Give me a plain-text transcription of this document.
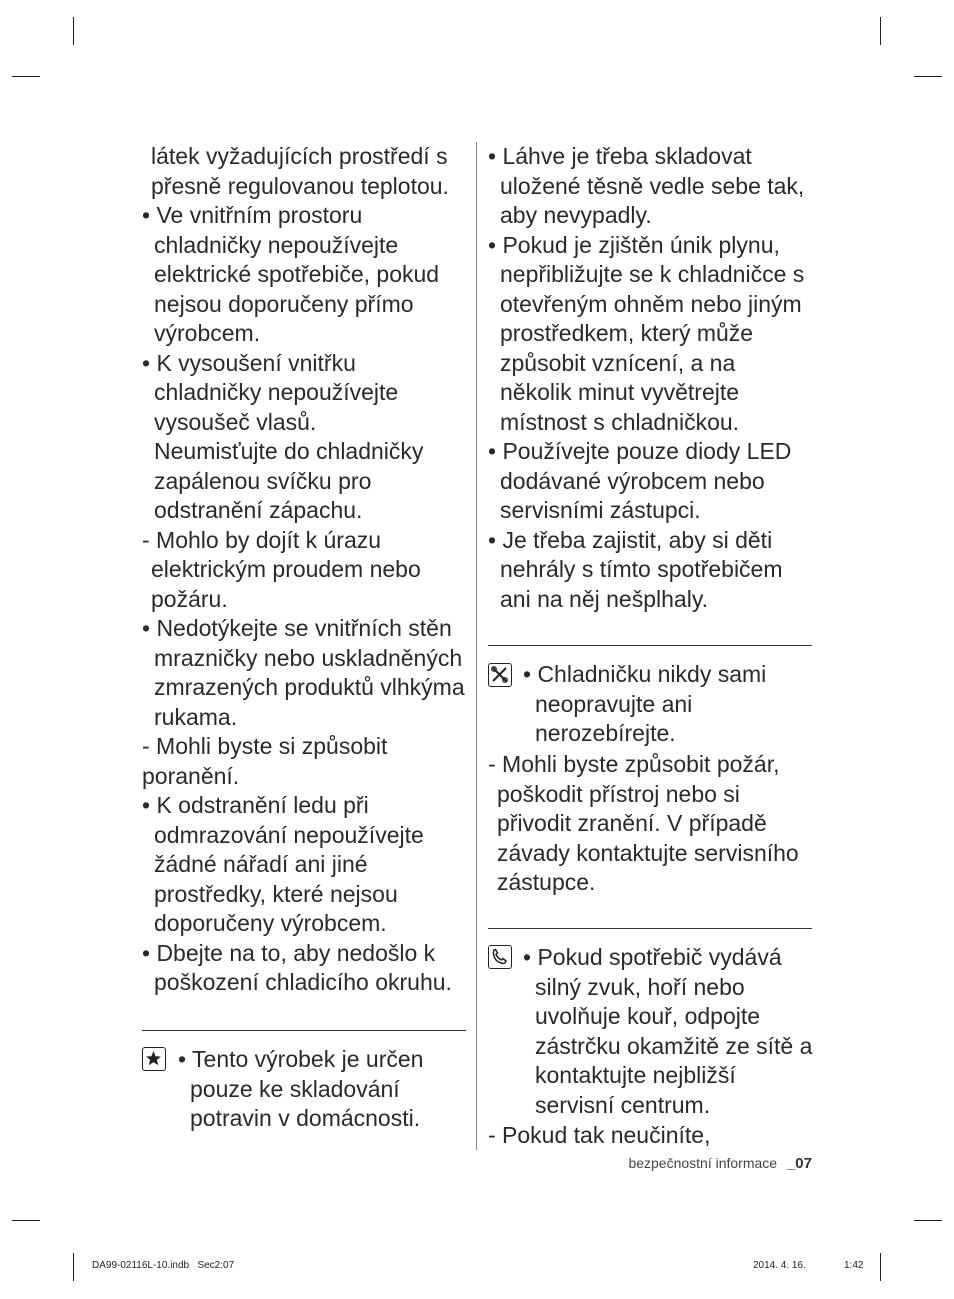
látek vyžadujících prostředí s přesně regulovanou teplotou.

• Ve vnitřním prostoru chladničky nepoužívejte elektrické spotřebiče, pokud nejsou doporučeny přímo výrobcem.

• K vysoušení vnitřku chladničky nepoužívejte vysoušeč vlasů.

Neumisťujte do chladničky zapálenou svíčku pro odstranění zápachu.

- Mohlo by dojít k úrazu elektrickým proudem nebo požáru.

• Nedotýkejte se vnitřních stěn mrazničky nebo uskladněných zmrazených produktů vlhkýma rukama.

- Mohli byste si způsobit poranění.

• K odstranění ledu při odmrazování nepoužívejte žádné nářadí ani jiné prostředky, které nejsou doporučeny výrobcem.

• Dbejte na to, aby nedošlo k poškození chladicího okruhu.

• Tento výrobek je určen pouze ke skladování potravin v domácnosti.

• Láhve je třeba skladovat uložené těsně vedle sebe tak, aby nevypadly.

• Pokud je zjištěn únik plynu, nepřibližujte se k chladničce s otevřeným ohněm nebo jiným prostředkem, který může způsobit vznícení, a na několik minut vyvětrejte místnost s chladničkou.

• Používejte pouze diody LED dodávané výrobcem nebo servisními zástupci.

• Je třeba zajistit, aby si děti nehrály s tímto spotřebičem ani na něj nešplhaly.

• Chladničku nikdy sami neopravujte ani nerozebírejte.
- Mohli byste způsobit požár, poškodit přístroj nebo si přivodit zranění. V případě závady kontaktujte servisního zástupce.
• Pokud spotřebič vydává silný zvuk, hoří nebo uvolňuje kouř, odpojte zástrčku okamžitě ze sítě a kontaktujte nejbližší servisní centrum.
- Pokud tak neučiníte,
bezpečnostní informace _07
DA99-02116L-10.indb   Sec2:07	2014. 4. 16.	1:42
